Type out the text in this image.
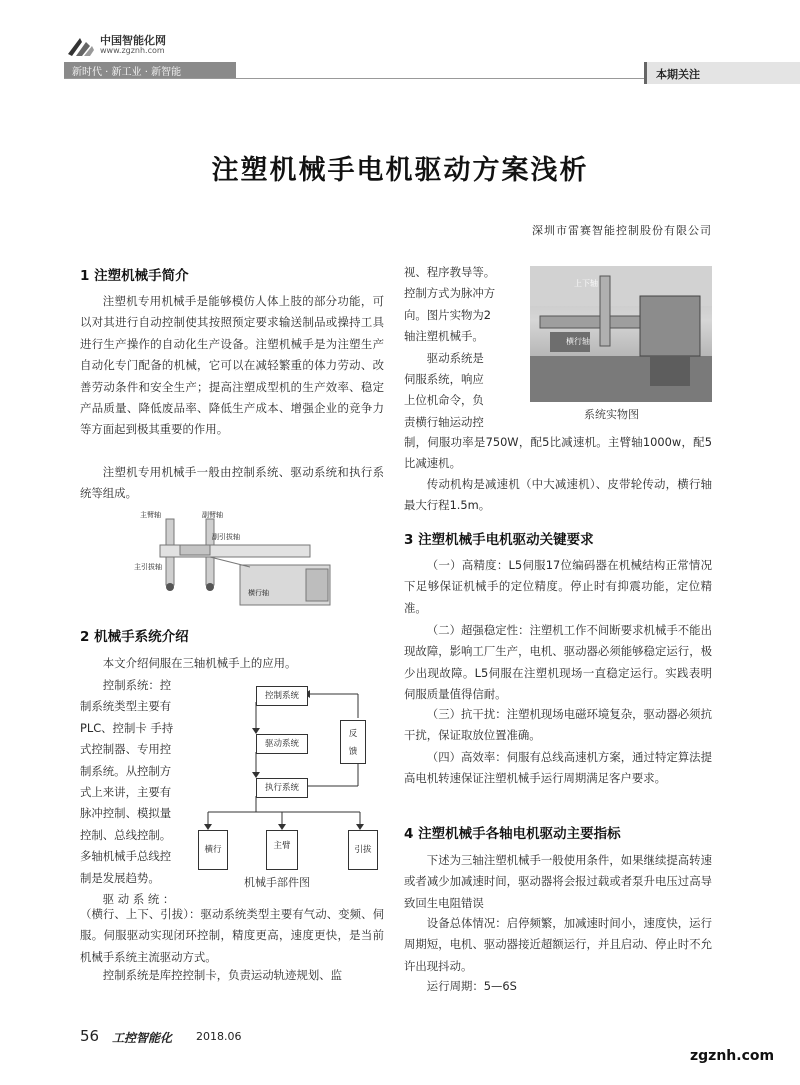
中国智能化网
www.zgznh.com
新时代 · 新工业 · 新智能	本期关注
注塑机械手电机驱动方案浅析
深圳市雷赛智能控制股份有限公司
1 注塑机械手简介
注塑机专用机械手是能够模仿人体上肢的部分功能，可以对其进行自动控制使其按照预定要求输送制品或操持工具进行生产操作的自动化生产设备。注塑机械手是为注塑生产自动化专门配备的机械，它可以在减轻繁重的体力劳动、改善劳动条件和安全生产；提高注塑成型机的生产效率、稳定产品质量、降低废品率、降低生产成本、增强企业的竞争力等方面起到极其重要的作用。
注塑机专用机械手一般由控制系统、驱动系统和执行系统等组成。
主臂轴	副臂轴
副引拔轴
主引拔轴
横行轴
2 机械手系统介绍
本文介绍伺服在三轴机械手上的应用。
控制系统：控
制系统类型主要有
PLC、控制卡 手持
式控制器、专用控
制系统。从控制方
式上来讲，主要有
脉冲控制、模拟量
控制、总线控制。
多轴机械手总线控
制是发展趋势。
驱 动 系 统 ：
控制系统
驱动系统
执行系统
反
馈
横行	主臂	引拔
机械手部件图
（横行、上下、引拔）：驱动系统类型主要有气动、变频、伺服。伺服驱动实现闭环控制，精度更高，速度更快，是当前机械手系统主流驱动方式。
控制系统是库控控制卡，负责运动轨迹规划、监
视、程序教导等。
控制方式为脉冲方
向。图片实物为2
轴注塑机械手。
驱动系统是
伺服系统，响应
上位机命令，负
责横行轴运动控
上下轴
横行轴
系统实物图
制，伺服功率是750W，配5比减速机。主臂轴1000w，配5比减速机。
传动机构是减速机（中大减速机）、皮带轮传动，横行轴最大行程1.5m。
3 注塑机械手电机驱动关键要求
（一）高精度：L5伺服17位编码器在机械结构正常情况下足够保证机械手的定位精度。停止时有抑震功能，定位精准。
（二）超强稳定性：注塑机工作不间断要求机械手不能出现故障，影响工厂生产，电机、驱动器必须能够稳定运行，极少出现故障。L5伺服在注塑机现场一直稳定运行。实践表明伺服质量值得信耐。
（三）抗干扰：注塑机现场电磁环境复杂，驱动器必须抗干扰，保证取放位置准确。
（四）高效率：伺服有总线高速机方案，通过特定算法提高电机转速保证注塑机械手运行周期满足客户要求。
4 注塑机械手各轴电机驱动主要指标
下述为三轴注塑机械手一般使用条件，如果继续提高转速或者减少加减速时间，驱动器将会报过载或者泵升电压过高导致回生电阻错误
设备总体情况：启停频繁，加减速时间小，速度快，运行周期短，电机、驱动器接近超额运行，并且启动、停止时不允许出现抖动。
运行周期：5—6S
56 工控智能化 2018.06
zgznh.com
